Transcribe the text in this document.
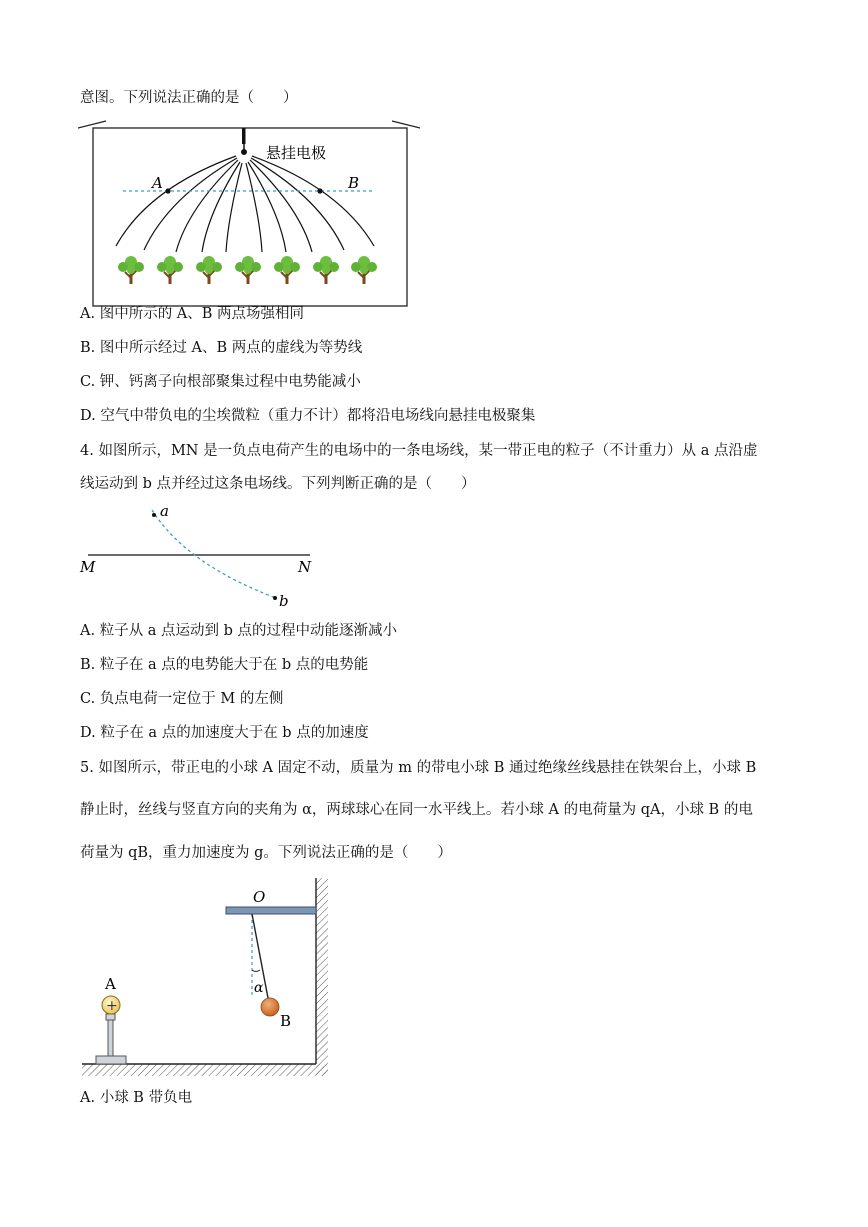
意图。下列说法正确的是（　　）
悬挂电极
A	B
A. 图中所示的 A、B 两点场强相同
B. 图中所示经过 A、B 两点的虚线为等势线
C. 钾、钙离子向根部聚集过程中电势能减小
D. 空气中带负电的尘埃微粒（重力不计）都将沿电场线向悬挂电极聚集
4. 如图所示，MN 是一负点电荷产生的电场中的一条电场线，某一带正电的粒子（不计重力）从 a 点沿虚
线运动到 b 点并经过这条电场线。下列判断正确的是（　　）
a
b
M	N
A. 粒子从 a 点运动到 b 点的过程中动能逐渐减小
B. 粒子在 a 点的电势能大于在 b 点的电势能
C. 负点电荷一定位于 M 的左侧
D. 粒子在 a 点的加速度大于在 b 点的加速度
5. 如图所示，带正电的小球 A 固定不动，质量为 m 的带电小球 B 通过绝缘丝线悬挂在铁架台上，小球 B
静止时，丝线与竖直方向的夹角为 α，两球球心在同一水平线上。若小球 A 的电荷量为 qA，小球 B 的电
荷量为 qB，重力加速度为 g。下列说法正确的是（　　）
O
α
B
+
A
A. 小球 B 带负电
